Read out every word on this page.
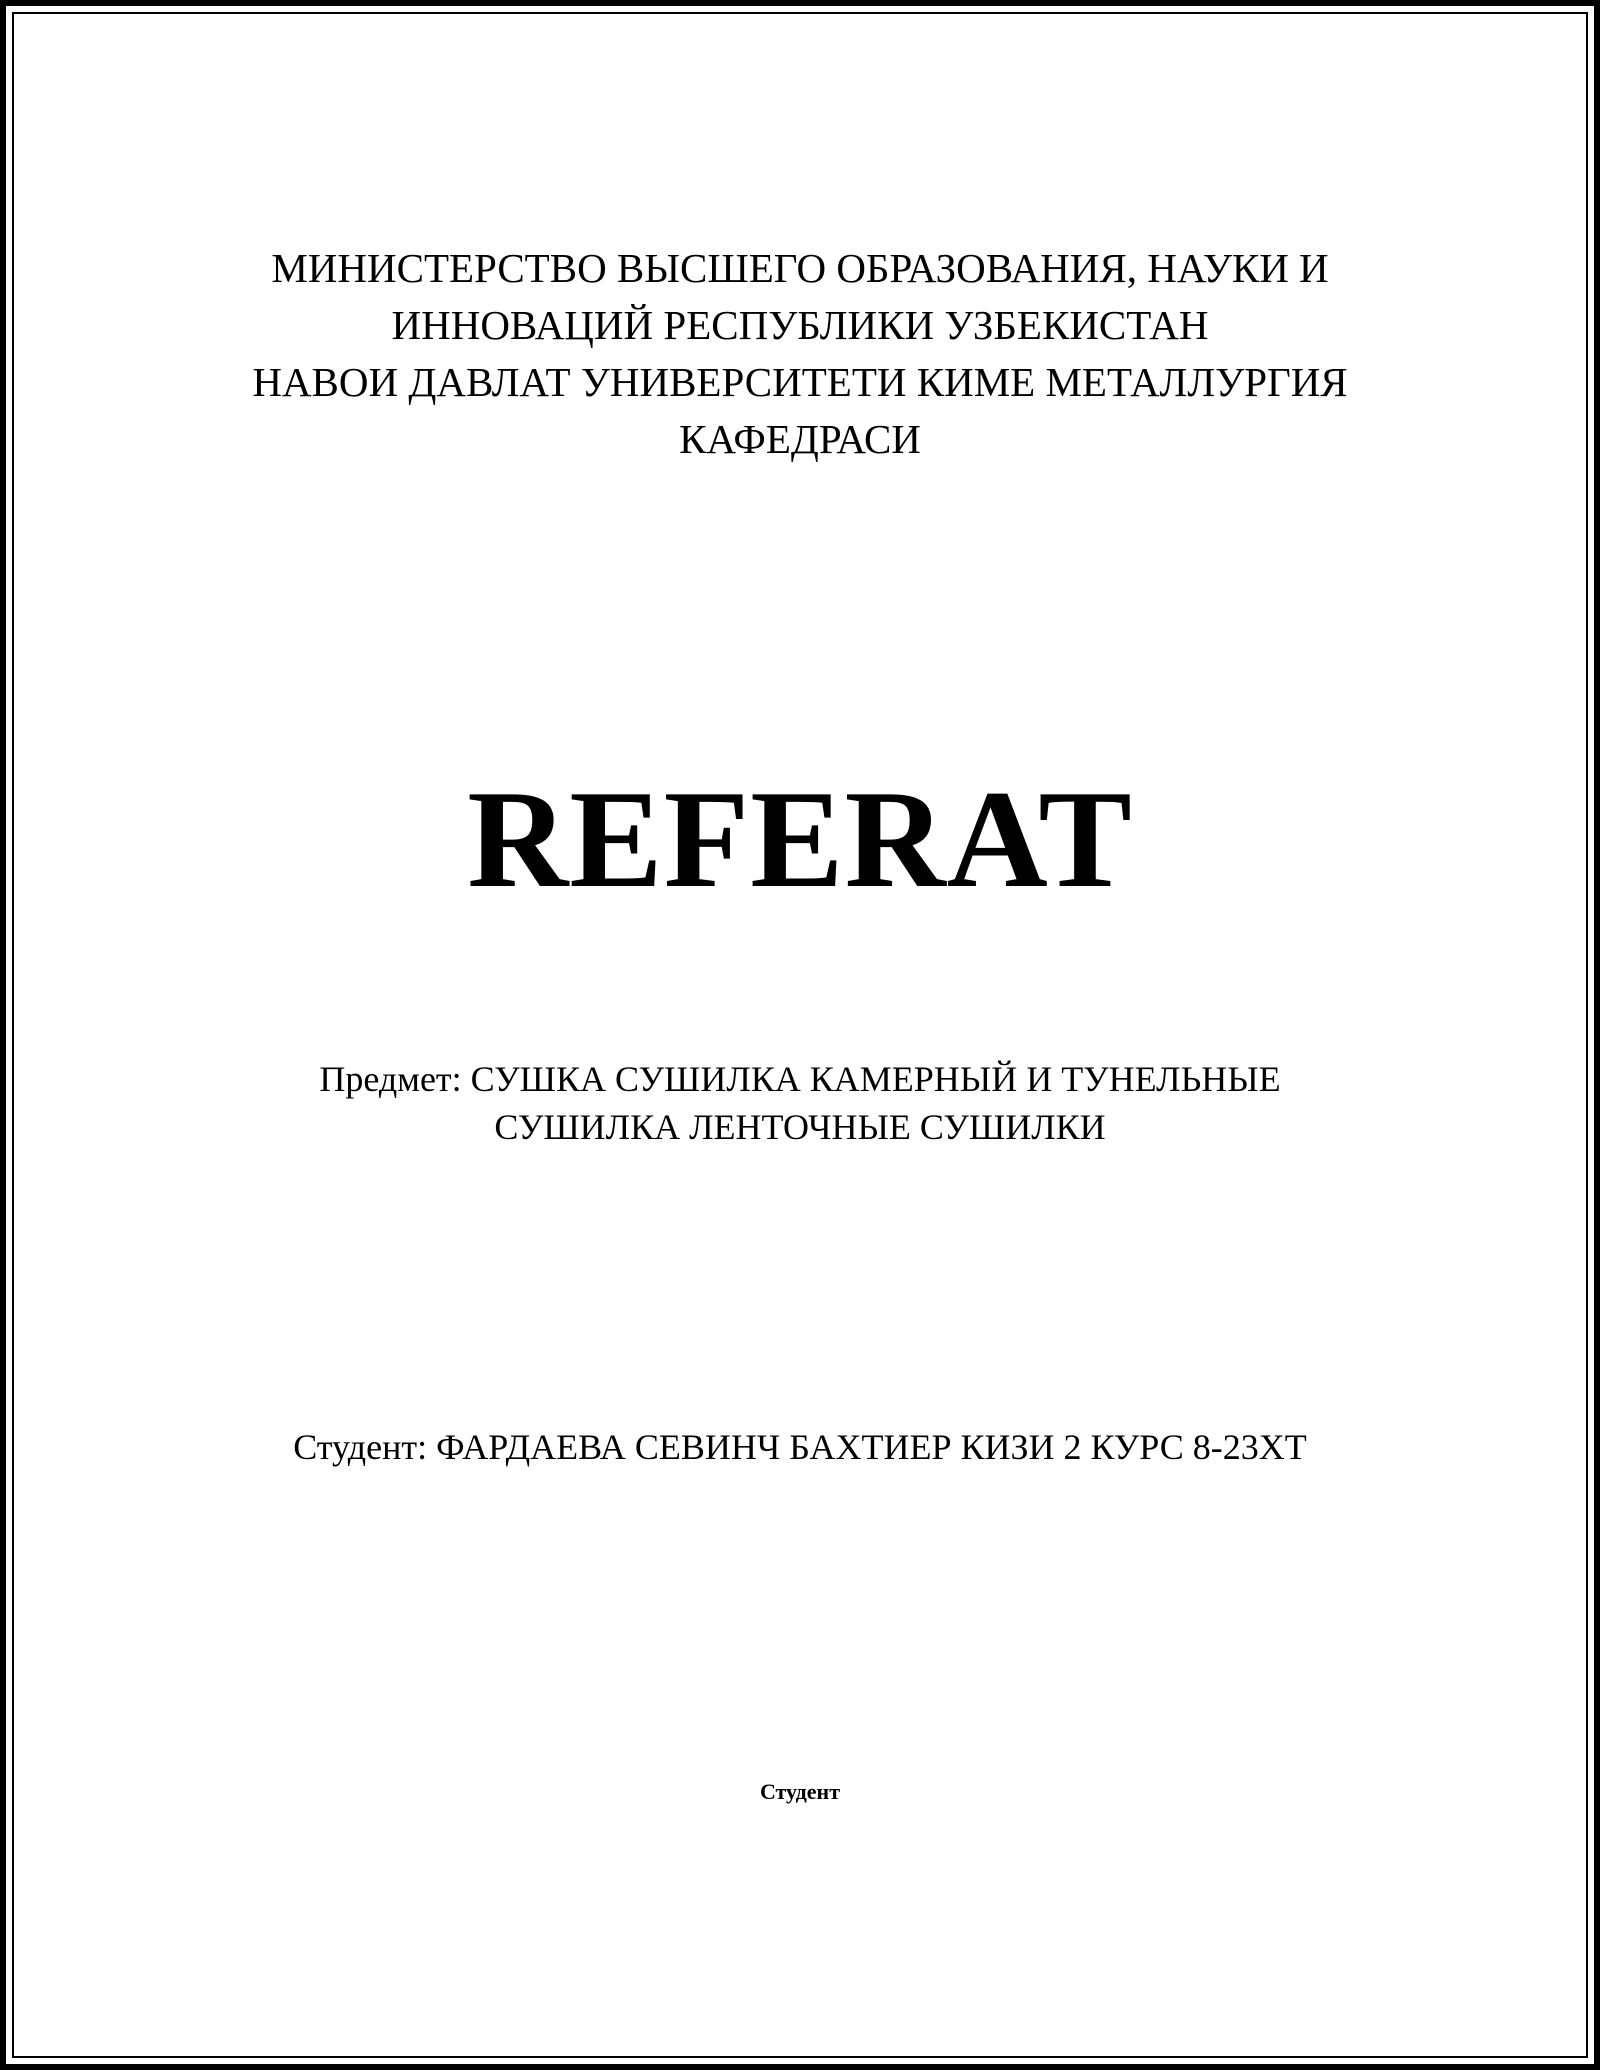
МИНИСТЕРСТВО ВЫСШЕГО ОБРАЗОВАНИЯ, НАУКИ И
ИННОВАЦИЙ РЕСПУБЛИКИ УЗБЕКИСТАН
НАВОИ ДАВЛАТ УНИВЕРСИТЕТИ КИМЕ МЕТАЛЛУРГИЯ
КАФЕДРАСИ
REFERAT
Предмет: СУШКА СУШИЛКА КАМЕРНЫЙ И ТУНЕЛЬНЫЕ
СУШИЛКА ЛЕНТОЧНЫЕ СУШИЛКИ
Студент: ФАРДАЕВА СЕВИНЧ БАХТИЕР КИЗИ 2 КУРС 8-23ХТ
Студент
